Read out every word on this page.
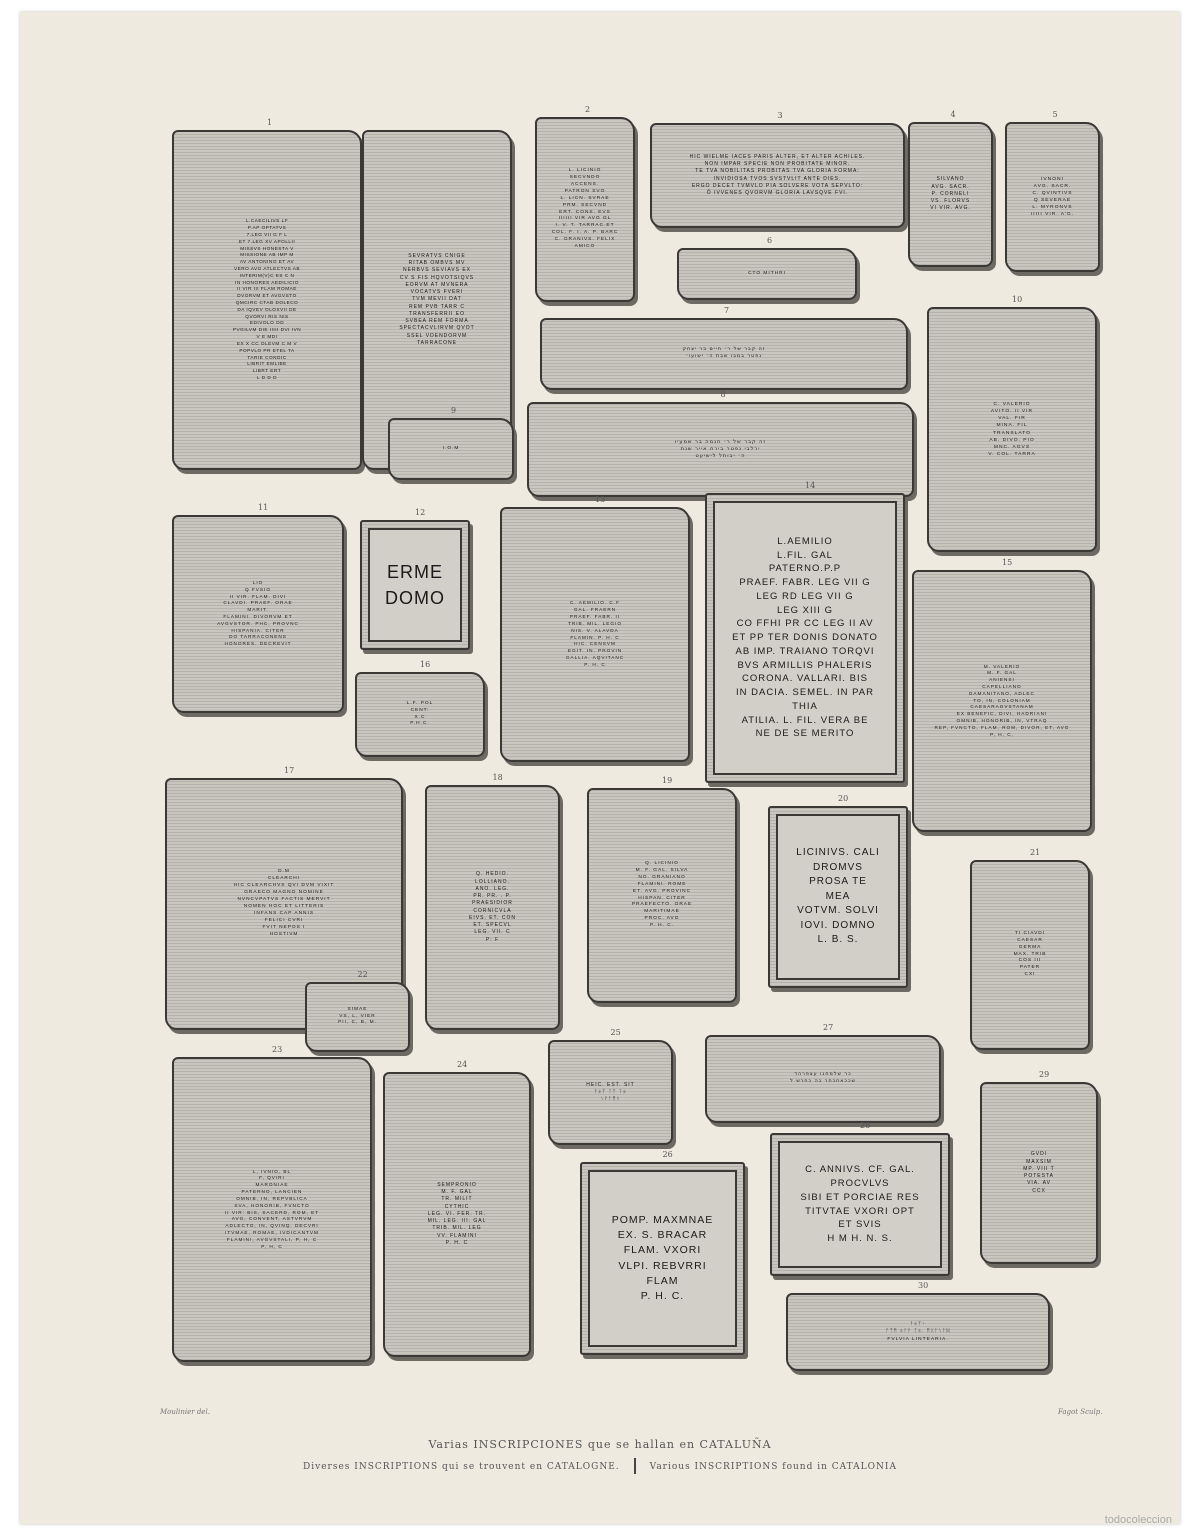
L.CAECILIVS LF
P.AP OPTATVS
7.LEG VII G F L
ET 7.LEG XV APOLLII
MISSVS HONESTA V
MISSIONE AB IMP M
AV ANTONINO ET AV
VERO AVG ATLECTVS AB
INTERIM(V)C ES C N
IN HONORES AEDILICIO
II VIR III FLAM ROMAE
DVORVM ET AVGVSTO
QMCIRC CTAB DOLECO
DA IQVEV OLOXVII DE
QVORVI RIS NIS
EDIVOLO OD
PVGILVM DIE IIIII DVI IVN
V E MDI
EX X CC OLEVM C M V
POPVLO PR ETEL TA
TARIE CONDIC
LIBRIT EMLIBE
LIBRT ERT
L D D D
1
SEVRATVS CNIGE
RITAB OMBVS MV
NERBVS SEVIAVS EX
CV S FIS HQVOTSIQVS
EORVM AT MVNERA
VOCATVS FVERI
TVM MEVII DAT
REM PVB TARR C
TRANSFERRII EO
SVBEA REM FORMA
SPECTACVLIRVM QVOT
SSEL VDENDORVM
TARRACONE
L. LICINIO
SECVNDO
ACCENS.
PATRON SVO
L. LICN. SVRAE
PRM. SECVND
ERT. CONS. EVS
IIIIII VIR AVG GL
I. V. T. TARRAC.ET
COL. F. I. A. P. BARC
C. GRANIVS. FELIX
AMICO
2
HIC WIELME IACES PARIS ALTER, ET ALTER ACHILES.
NON IMPAR SPECIE NON PROBITATE MINOR.
TE TVA NOBILITAS PROBITAS TVA GLORIA FORMA:
INVIDIOSA TVOS SVSTVLIT ANTE DIES.
ERGO DECET TVMVLO PIA SOLVERE VOTA SEPVLTO:
Ô IVVENES QVORVM GLORIA LAVSQVE FVI.
3
SILVANO
AVG. SACR.
P. CORNELI
VS. FLORVS
VI VIR. AVG.
4
IVNONI
AVG. SACR.
C. QVINTIVS
Q SEVERAE
L. MYRONVS
IIIII VIR. A'G.
5
CTO MITHRI
6
זה קבר של ר׳ חיים בר יצחק
נפטר במבו שבת ה׳ ישועו׳
7
זה קבר של ר׳ חנמה בר שמעיו
ירלבי נפטר בירח אייר שנת
ה׳ יבותל לישיעט
8
I.O.M
9
C. VALERIO
AVITO. II VIR
VAL. FIR
MINA. FIL
TRANSLATO
AB. DIVO. PIO
MNC. AGVS
V. COL. TARRA
10
LIO
Q FVSIO
II VIR. FLAM. DIVI
CLAVDI. PRAEF. ORAE
MARIT.
FLAMINI. DIVORVM ET
AVGVSTOR. PHC. PROVNC
HISPANIA. CITER
DO TARRACONENS
HONORES. DECREVIT
11
ERME
DOMO
12
C. AEMILIO. C.F
GAL. FRAERN
PRAEF. FABR. II
TRIB. MIL. LEGIO
NIS. V. ALAVDA
FLAMIN. P. H. C
HIC. CENSVM
EGIT. IN. PROVIN
GALLIA. AQVITANC
P. H. C
13
L.AEMILIO
L.FIL. GAL
PATERNO.P.P
PRAEF. FABR. LEG VII G
LEG RD LEG VII G
LEG XIII G
CO FFHI PR CC LEG II AV
ET PP TER DONIS DONATO
AB IMP. TRAIANO TORQVI
BVS ARMILLIS PHALERIS
CORONA. VALLARI. BIS
IN DACIA. SEMEL. IN PAR
THIA
ATILIA. L. FIL. VERA BE
NE DE SE MERITO
14
M. VALERIO
M. F. GAL
ANIENSI
CAPELLIANO
DAMANITANO, ADLEC
TO, IN, COLONIAM
CAESARAGVSTANAM
EX BENEFIC, DIVI, HADRIANI
OMNIB, HONORIB, IN, VTRAQ
REP, FVNCTO, FLAM, ROM, DIVOR, ET, AVG
P, H, C,
15
L.F. POL
CENT:
X.C
P.H.C.
16
D.M
CLEARCHI
HIC CLEARCHVS QVI DVM VIXIT
GRAECO MAGNO NOMINE
NVNCVPATVS FACTIS MERVIT
NOMEN HOC ET LITTERIS
INFANS CAP ANNIS
FELICI CVRI
FVIT NEPOS I
HOSTIVM
17
Q. HEDIO.
LOLLIANO.
ANO. LEG.
PR. PR. . P.
PRAESIDIOR
CORNICVLA
EIVS. ET. CON
ET. SPECVL
LEG. VII. C
P: F
18
Q. LICINIO
M. F. GAL. SILVA
NO. GRANIANO
FLAMINI. ROME
ET. AVG. PROVINC
HISPAN. CITER
PRAEFECTO. ORAE
MARITIMAE
PROC. AVG
P. H. C.
19
LICINIVS. CALI
DROMVS
PROSA TE
MEA
VOTVM. SOLVI
IOVI. DOMNO
L. B. S.
20
TI CIAVDI
CAESAR
GERMA
MAX. TRIB
COS III
PATER
CXI
21
SIMAE
VS, L, VIER
PII, C, B, M.
22
L, IVNIO, BL
F, QVIRI
MARONIAE
PATERNO, LANCIEN
OMNIB, IN, REPVBLICA
SVA, HONORIB, FVNCTO
II VIR: BIS, SACERD, ROM, ET
AVG, CONVENT, ASTVRVM
ADLECTO, IN, QVINQ. DECVRI
ITVMAE, ROMAE, IVDICANTVM
FLAMINI, AVGVSTALI, P, H, C
P, H, C
23
SEMPRONIO
M. F. GAL
TR. MILIT
CYTHIC
LEG. VI. FER. TR.
MIL. LEG. III. GAL
TRIB. MIL. LEG
VV. FLAMINI
P. H. C
24
HEIC. EST. SIT
ᚠᛟᛉ ᛏᛉ ᛏᛟ
ᛊᚹᚨᛗᚾ
25
POMP. MAXMNAE
EX. S. BRACAR
FLAM. VXORI
VLPI. REBVRRI
FLAM
P. H. C.
26
כר שלמחנו עצפרהד
שככאחכחר כה כחרש ל
27
C. ANNIVS. CF. GAL.
PROCVLVS
SIBI ET PORCIAE RES
TITVTAE VXORI OPT
ET SVIS
H M H. N. S.
28
GVDI
MAXSIM
MP. VIII T
POTESTA
VIA. AV
CCX
29
ᚠᛟᛉᚲ
ᚠᛉᛗ ᛟᚨᚹ ᛏᛟ. ᛗᚷᚨᛊᚨᛞ
FVLVIA LINTEARIA.
30
Moulinier del.	Fagot Sculp.
Varias INSCRIPCIONES que se hallan en CATALUÑA
Diverses INSCRIPTIONS qui se trouvent en CATALOGNE.	Various INSCRIPTIONS found in CATALONIA
todocoleccion
